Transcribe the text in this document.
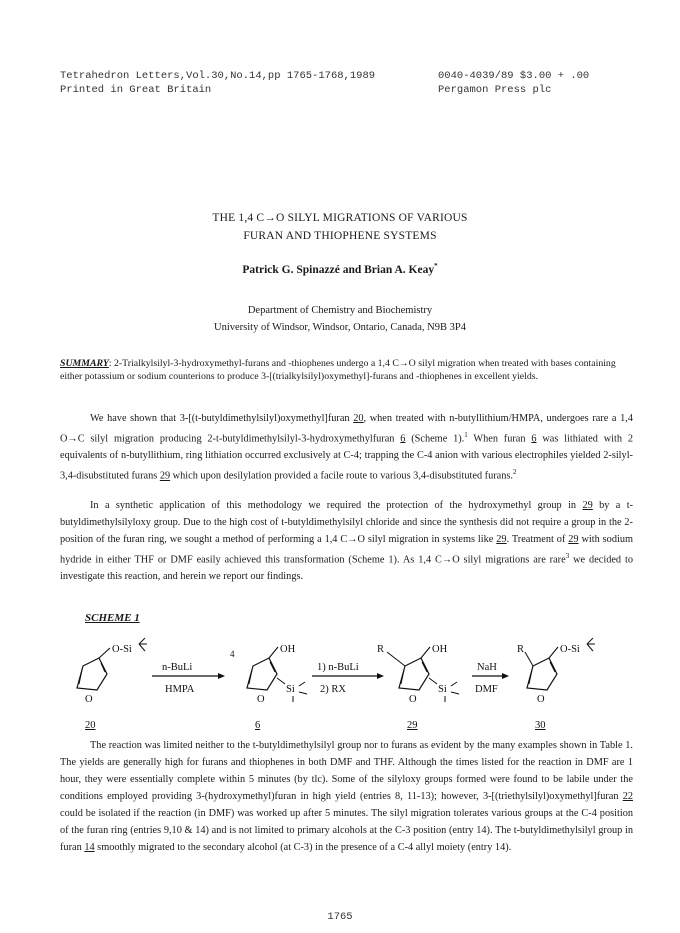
Tetrahedron Letters,Vol.30,No.14,pp 1765-1768,1989	0040-4039/89 $3.00 + .00
Printed in Great Britain	Pergamon Press plc
THE 1,4 C→O SILYL MIGRATIONS OF VARIOUS
FURAN AND THIOPHENE SYSTEMS
Patrick G. Spinazzé and Brian A. Keay*
Department of Chemistry and Biochemistry
University of Windsor, Windsor, Ontario, Canada, N9B 3P4
SUMMARY: 2-Trialkylsilyl-3-hydroxymethyl-furans and -thiophenes undergo a 1,4 C→O silyl migration when treated with bases containing either potassium or sodium counterions to produce 3-[(trialkylsilyl)oxymethyl]-furans and -thiophenes in excellent yields.
We have shown that 3-[(t-butyldimethylsilyl)oxymethyl]furan 20, when treated with n-butyllithium/HMPA, undergoes rare a 1,4 O→C silyl migration producing 2-t-butyldimethylsilyl-3-hydroxymethylfuran 6 (Scheme 1).$^1$ When furan 6 was lithiated with 2 equivalents of n-butyllithium, ring lithiation occurred exclusively at C-4; trapping the C-4 anion with various electrophiles yielded 2-silyl-3,4-disubstituted furans 29 which upon desilylation provided a facile route to various 3,4-disubstituted furans.$^2$
In a synthetic application of this methodology we required the protection of the hydroxymethyl group in 29 by a t-butyldimethylsilyloxy group. Due to the high cost of t-butyldimethylsilyl chloride and since the synthesis did not require a group in the 2-position of the furan ring, we sought a method of performing a 1,4 C→O silyl migration in systems like 29. Treatment of 29 with sodium hydride in either THF or DMF easily achieved this transformation (Scheme 1). As 1,4 C→O silyl migrations are rare$^3$ we decided to investigate this reaction, and herein we report our findings.
SCHEME 1
O-Si
O
20
n-BuLi
HMPA
4	OH
Si
O
6
1) n-BuLi
2) RX
R	OH
Si
O
29
NaH
DMF
R	O-Si
O
30
The reaction was limited neither to the t-butyldimethylsilyl group nor to furans as evident by the many examples shown in Table 1. The yields are generally high for furans and thiophenes in both DMF and THF. Although the times listed for the reaction in DMF are 1 hour, they were essentially complete within 5 minutes (by tlc). Some of the silyloxy groups formed were found to be labile under the conditions employed providing 3-(hydroxymethyl)furan in high yield (entries 8, 11-13); however, 3-[(triethylsilyl)oxymethyl]furan 22 could be isolated if the reaction (in DMF) was worked up after 5 minutes. The silyl migration tolerates various groups at the C-4 position of the furan ring (entries 9,10 & 14) and is not limited to primary alcohols at the C-3 position (entry 14). The t-butyldimethylsilyl group in furan 14 smoothly migrated to the secondary alcohol (at C-3) in the presence of a C-4 allyl moiety (entry 14).
1765
